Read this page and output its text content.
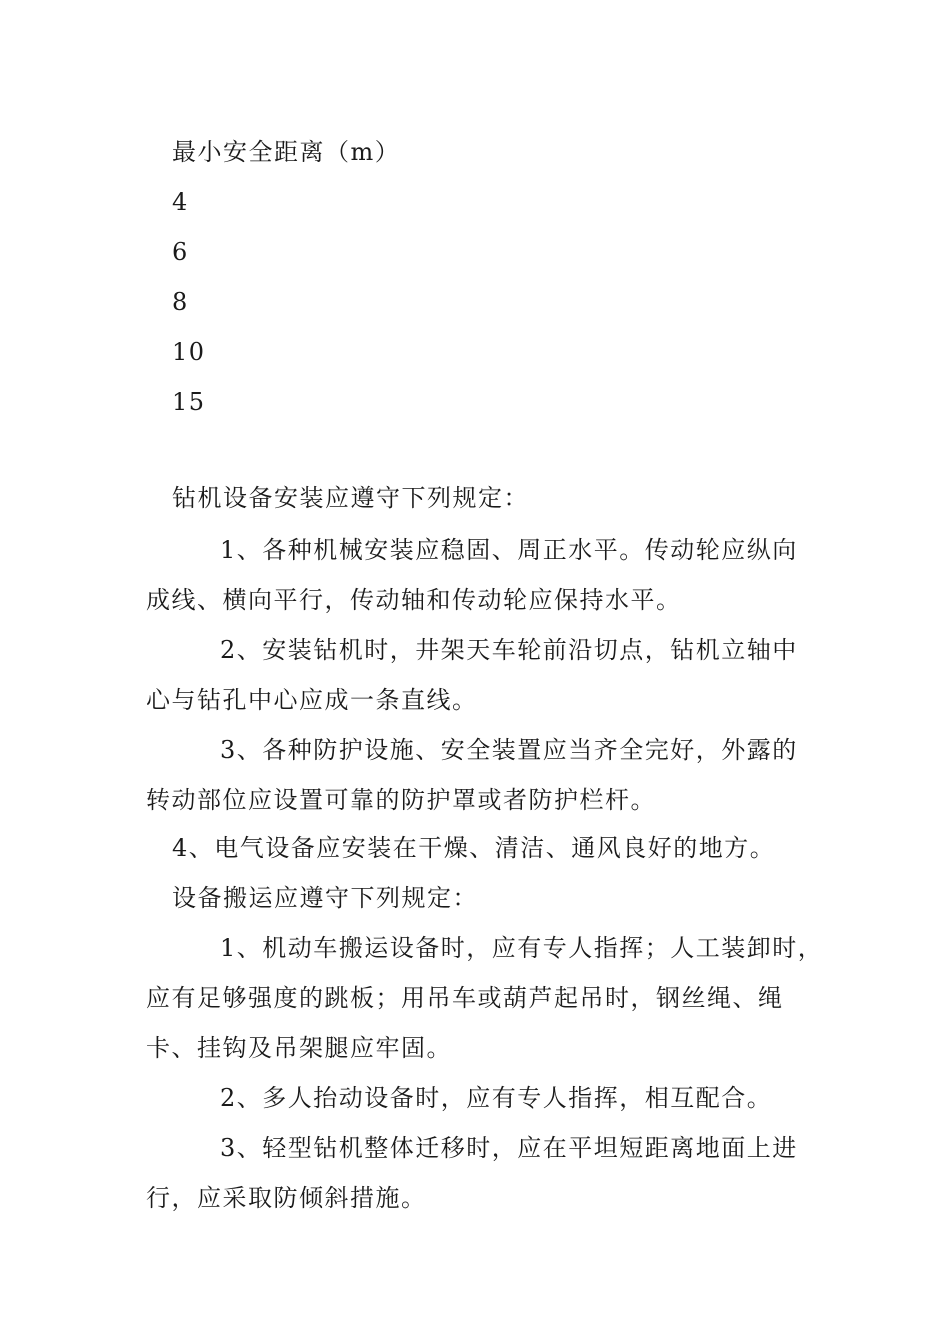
最小安全距离（m）
4
6
8
10
15
钻机设备安装应遵守下列规定：
1、各种机械安装应稳固、周正水平。传动轮应纵向
成线、横向平行，传动轴和传动轮应保持水平。
2、安装钻机时，井架天车轮前沿切点，钻机立轴中
心与钻孔中心应成一条直线。
3、各种防护设施、安全装置应当齐全完好，外露的
转动部位应设置可靠的防护罩或者防护栏杆。
4、电气设备应安装在干燥、清洁、通风良好的地方。
设备搬运应遵守下列规定：
1、机动车搬运设备时，应有专人指挥；人工装卸时，
应有足够强度的跳板；用吊车或葫芦起吊时，钢丝绳、绳
卡、挂钩及吊架腿应牢固。
2、多人抬动设备时，应有专人指挥，相互配合。
3、轻型钻机整体迁移时，应在平坦短距离地面上进
行，应采取防倾斜措施。
